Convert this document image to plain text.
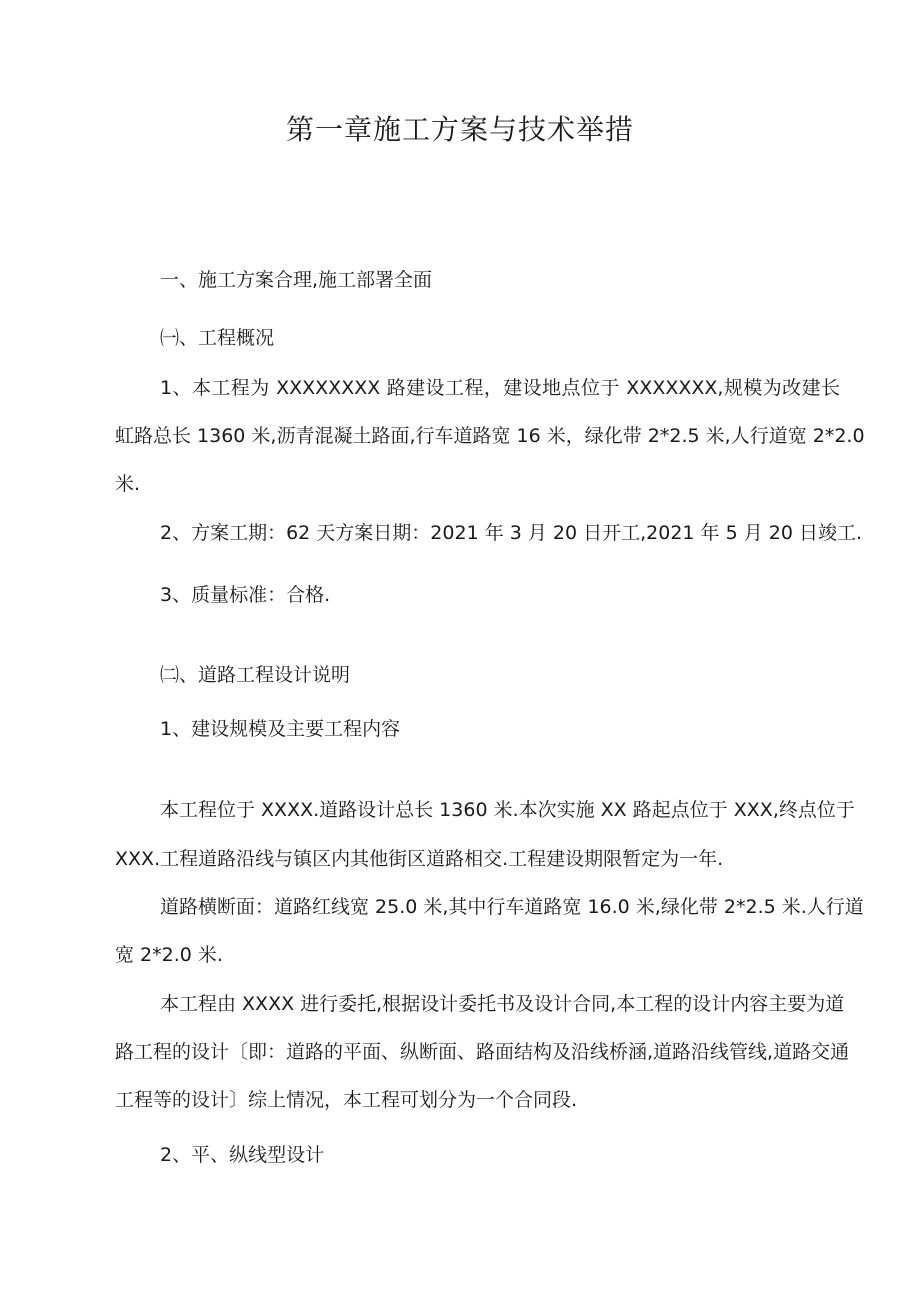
第一章施工方案与技术举措

一、施工方案合理,施工部署全面

㈠、工程概况

1、本工程为 XXXXXXXX 路建设工程，建设地点位于 XXXXXXX,规模为改建长

虹路总长 1360 米,沥青混凝土路面,行车道路宽 16 米，绿化带 2*2.5 米,人行道宽 2*2.0

米.

2、方案工期：62 天方案日期：2021 年 3 月 20 日开工,2021 年 5 月 20 日竣工.

3、质量标准：合格.

㈡、道路工程设计说明

1、建设规模及主要工程内容

本工程位于 XXXX.道路设计总长 1360 米.本次实施 XX 路起点位于 XXX,终点位于

XXX.工程道路沿线与镇区内其他街区道路相交.工程建设期限暂定为一年.

道路横断面：道路红线宽 25.0 米,其中行车道路宽 16.0 米,绿化带 2*2.5 米.人行道

宽 2*2.0 米.

本工程由 XXXX 进行委托,根据设计委托书及设计合同,本工程的设计内容主要为道

路工程的设计〔即：道路的平面、纵断面、路面结构及沿线桥涵,道路沿线管线,道路交通

工程等的设计〕综上情况，本工程可划分为一个合同段.

2、平、纵线型设计
